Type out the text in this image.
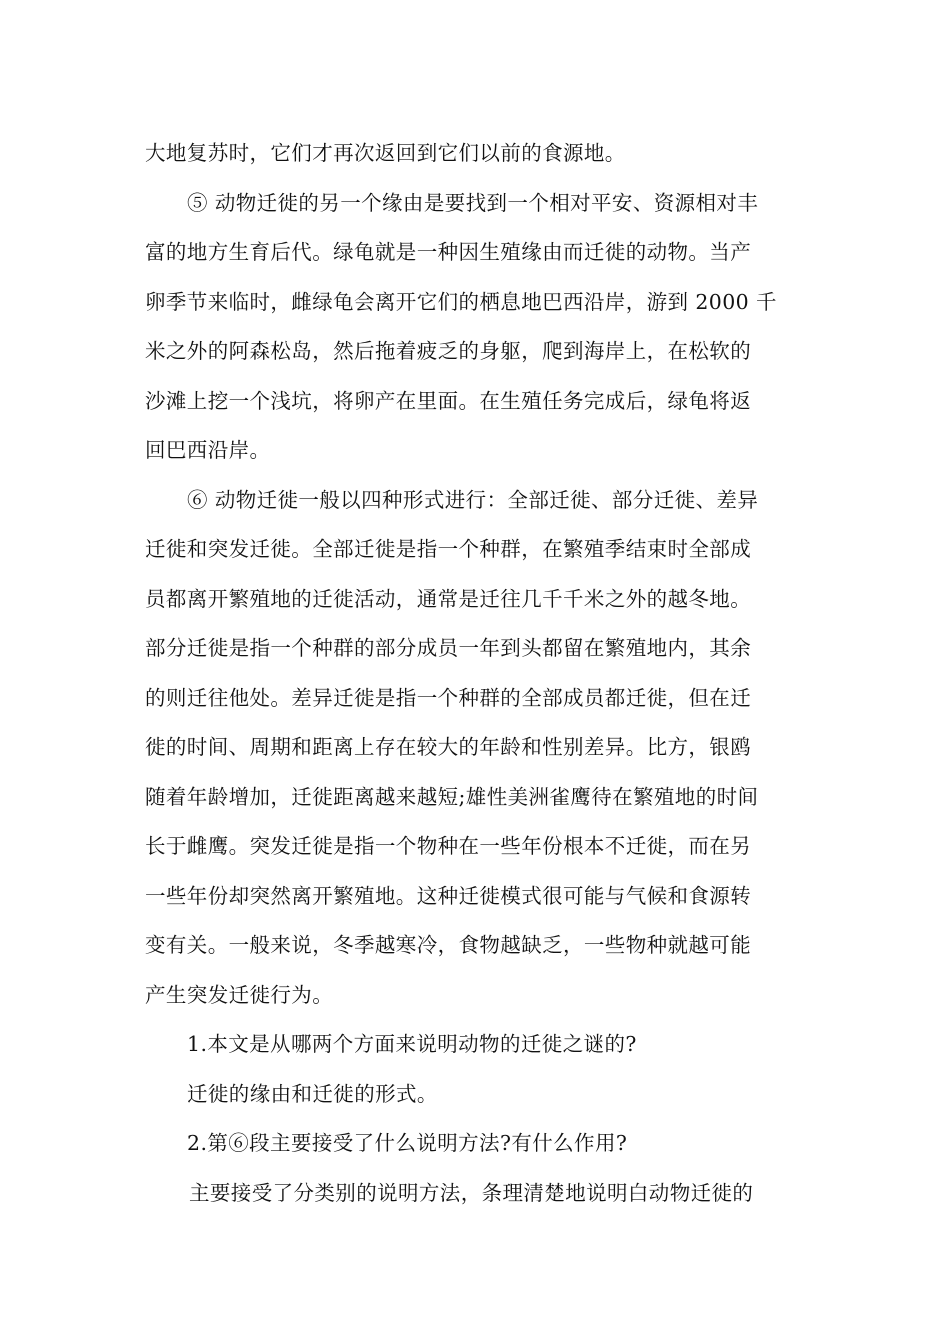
大地复苏时，它们才再次返回到它们以前的食源地。
⑤ 动物迁徙的另一个缘由是要找到一个相对平安、资源相对丰
富的地方生育后代。绿龟就是一种因生殖缘由而迁徙的动物。当产
卵季节来临时，雌绿龟会离开它们的栖息地巴西沿岸，游到 2000 千
米之外的阿森松岛，然后拖着疲乏的身躯，爬到海岸上，在松软的
沙滩上挖一个浅坑，将卵产在里面。在生殖任务完成后，绿龟将返
回巴西沿岸。
⑥ 动物迁徙一般以四种形式进行：全部迁徙、部分迁徙、差异
迁徙和突发迁徙。全部迁徙是指一个种群，在繁殖季结束时全部成
员都离开繁殖地的迁徙活动，通常是迁往几千千米之外的越冬地。
部分迁徙是指一个种群的部分成员一年到头都留在繁殖地内，其余
的则迁往他处。差异迁徙是指一个种群的全部成员都迁徙，但在迁
徙的时间、周期和距离上存在较大的年龄和性别差异。比方，银鸥
随着年龄增加，迁徙距离越来越短;雄性美洲雀鹰待在繁殖地的时间
长于雌鹰。突发迁徙是指一个物种在一些年份根本不迁徙，而在另
一些年份却突然离开繁殖地。这种迁徙模式很可能与气候和食源转
变有关。一般来说，冬季越寒冷，食物越缺乏，一些物种就越可能
产生突发迁徙行为。
1.本文是从哪两个方面来说明动物的迁徙之谜的?
迁徙的缘由和迁徙的形式。
2.第⑥段主要接受了什么说明方法?有什么作用?
主要接受了分类别的说明方法，条理清楚地说明白动物迁徙的
